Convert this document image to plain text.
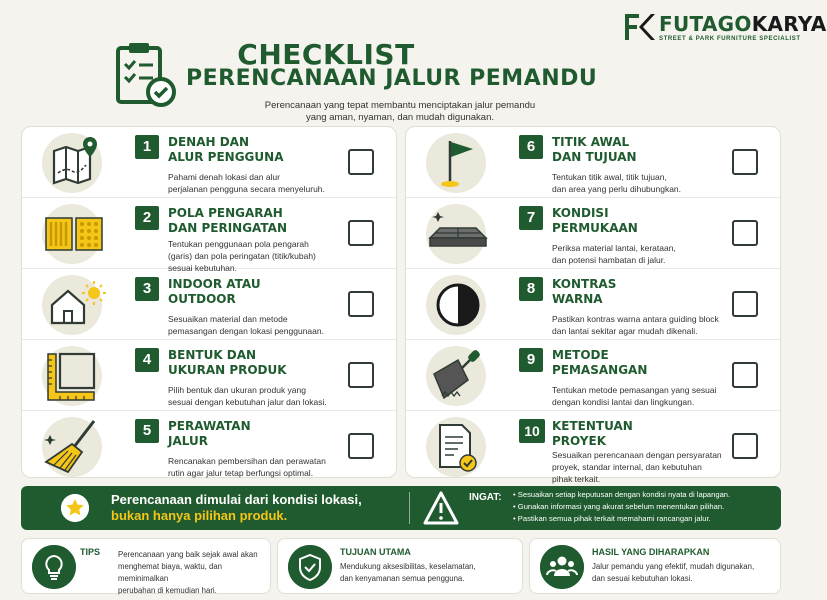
CHECKLIST
PERENCANAAN JALUR PEMANDU
Perencanaan yang tepat membantu menciptakan jalur pemandu
yang aman, nyaman, dan mudah digunakan.
FUTAGOKARYA
STREET & PARK FURNITURE SPECIALIST
1	DENAH DAN
ALUR PENGGUNA
Pahami denah lokasi dan alur
perjalanan pengguna secara menyeluruh.
2	POLA PENGARAH
DAN PERINGATAN
Tentukan penggunaan pola pengarah
(garis) dan pola peringatan (titik/kubah)
sesuai kebutuhan.
3	INDOOR ATAU
OUTDOOR
Sesuaikan material dan metode
pemasangan dengan lokasi penggunaan.
4	BENTUK DAN
UKURAN PRODUK
Pilih bentuk dan ukuran produk yang
sesuai dengan kebutuhan jalur dan lokasi.
5	PERAWATAN
JALUR
Rencanakan pembersihan dan perawatan
rutin agar jalur tetap berfungsi optimal.
6	TITIK AWAL
DAN TUJUAN
Tentukan titik awal, titik tujuan,
dan area yang perlu dihubungkan.
7	KONDISI
PERMUKAAN
Periksa material lantai, kerataan,
dan potensi hambatan di jalur.
8	KONTRAS
WARNA
Pastikan kontras warna antara guiding block
dan lantai sekitar agar mudah dikenali.
9	METODE
PEMASANGAN
Tentukan metode pemasangan yang sesuai
dengan kondisi lantai dan lingkungan.
10	KETENTUAN
PROYEK
Sesuaikan perencanaan dengan persyaratan
proyek, standar internal, dan kebutuhan
pihak terkait.
Perencanaan dimulai dari kondisi lokasi,
bukan hanya pilihan produk.
INGAT:
•	Sesuaikan setiap keputusan dengan kondisi nyata di lapangan.
• Gunakan informasi yang akurat sebelum menentukan pilihan.
• Pastikan semua pihak terkait memahami rancangan jalur.
TIPS Perencanaan yang baik sejak awal akan
menghemat biaya, waktu, dan meminimalkan
perubahan di kemudian hari.
TUJUAN UTAMA
Mendukung aksesibilitas, keselamatan,
dan kenyamanan semua pengguna.
HASIL YANG DIHARAPKAN
Jalur pemandu yang efektif, mudah digunakan,
dan sesuai kebutuhan lokasi.
